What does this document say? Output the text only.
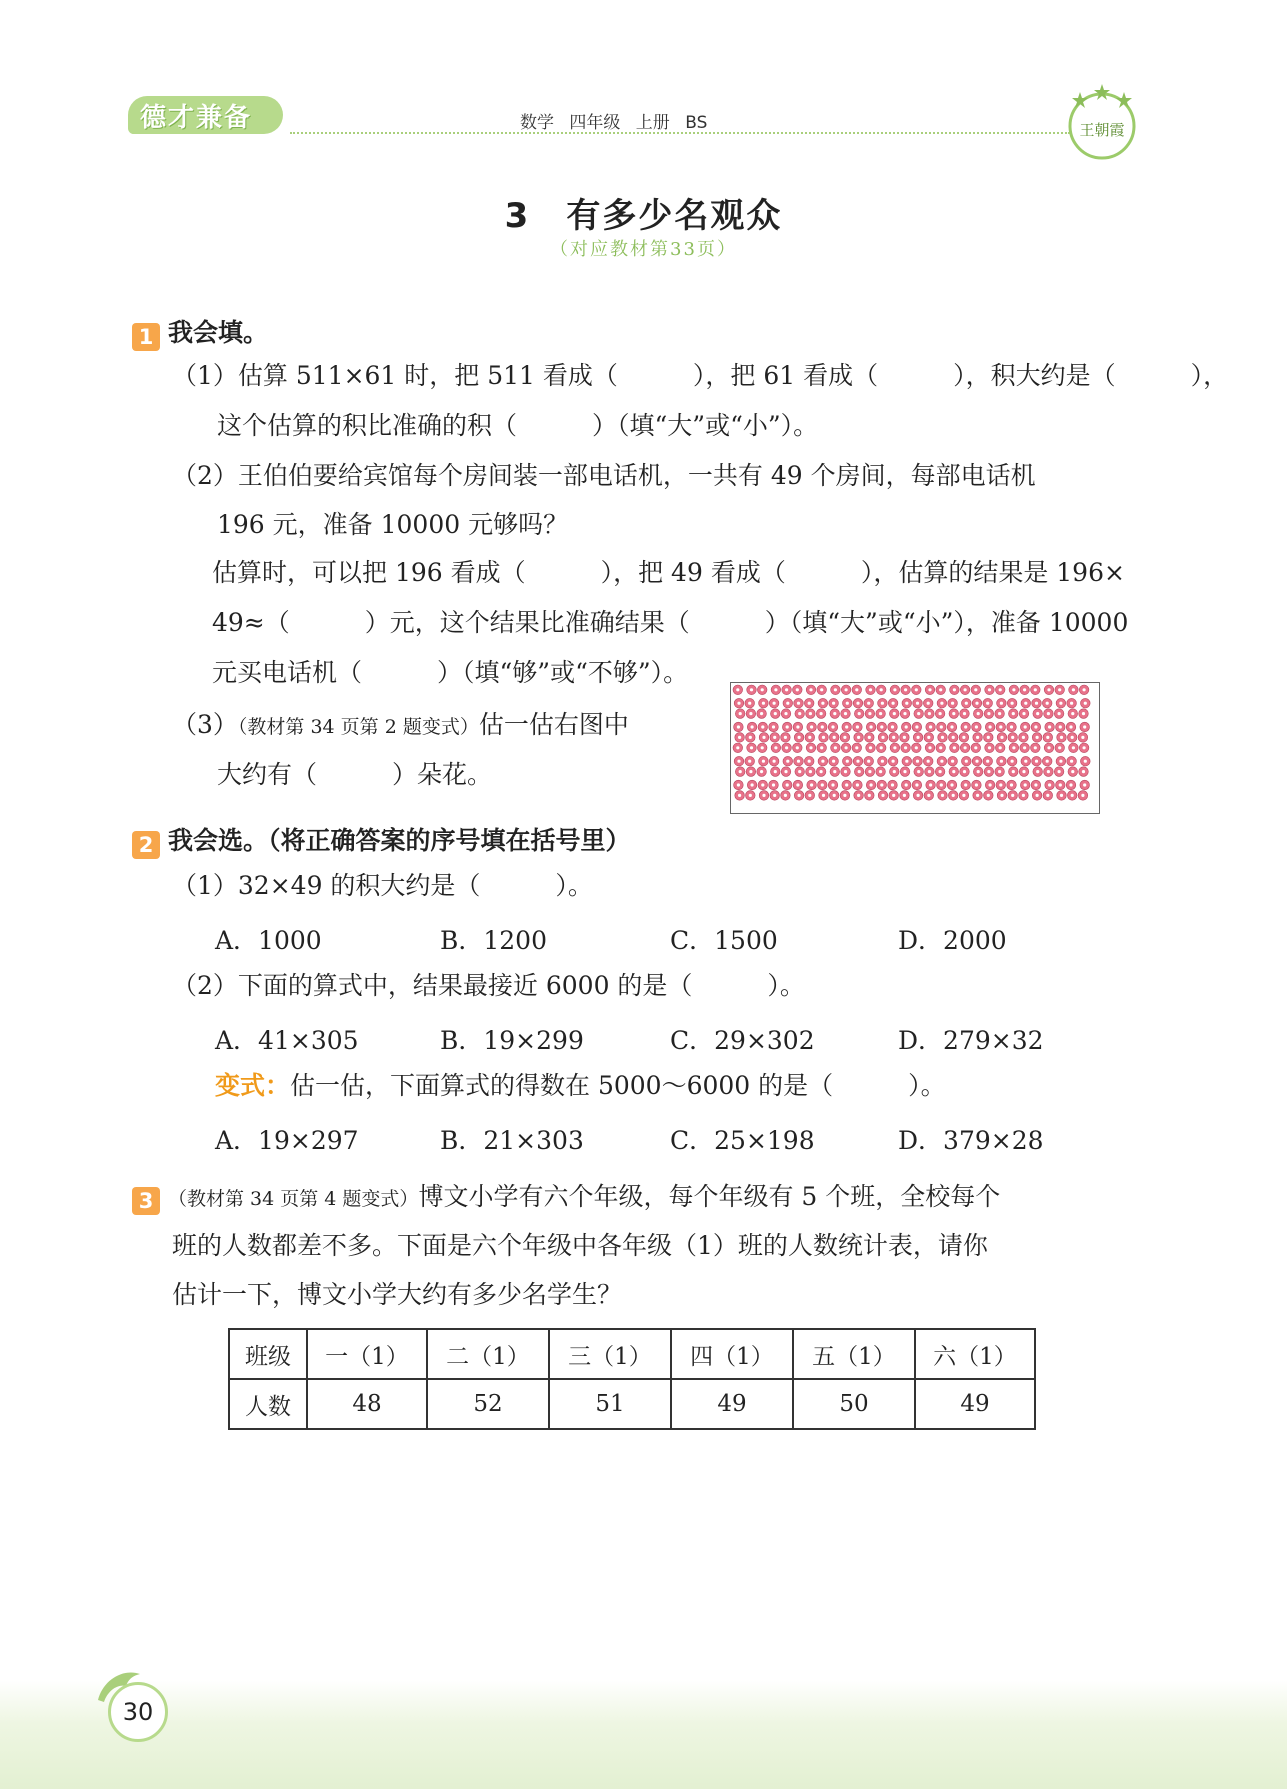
德才兼备	数学 四年级 上册 BS	王朝霞
3　有多少名观众
（对应教材第33页）
1 我会填。
（1）估算 511×61 时，把 511 看成（　　　），把 61 看成（　　　），积大约是（　　　），
这个估算的积比准确的积（　　　）（填“大”或“小”）。
（2）王伯伯要给宾馆每个房间装一部电话机，一共有 49 个房间，每部电话机
196 元，准备 10000 元够吗？
估算时，可以把 196 看成（　　　），把 49 看成（　　　），估算的结果是 196×
49≈（　　　）元，这个结果比准确结果（　　　）（填“大”或“小”），准备 10000
元买电话机（　　　）（填“够”或“不够”）。
（3）（教材第 34 页第 2 题变式）估一估右图中
大约有（　　　）朵花。
2 我会选。（将正确答案的序号填在括号里）
（1）32×49 的积大约是（　　　）。
A．1000	B．1200	C．1500	D．2000
（2）下面的算式中，结果最接近 6000 的是（　　　）。
A．41×305	B．19×299	C．29×302	D．279×32
变式：估一估，下面算式的得数在 5000～6000 的是（　　　）。
A．19×297	B．21×303	C．25×198	D．379×28
3 （教材第 34 页第 4 题变式）博文小学有六个年级，每个年级有 5 个班，全校每个
班的人数都差不多。下面是六个年级中各年级（1）班的人数统计表，请你
估计一下，博文小学大约有多少名学生？
班级	一（1）	二（1）	三（1）	四（1）	五（1）	六（1）
人数	48	52	51	49	50	49
30
